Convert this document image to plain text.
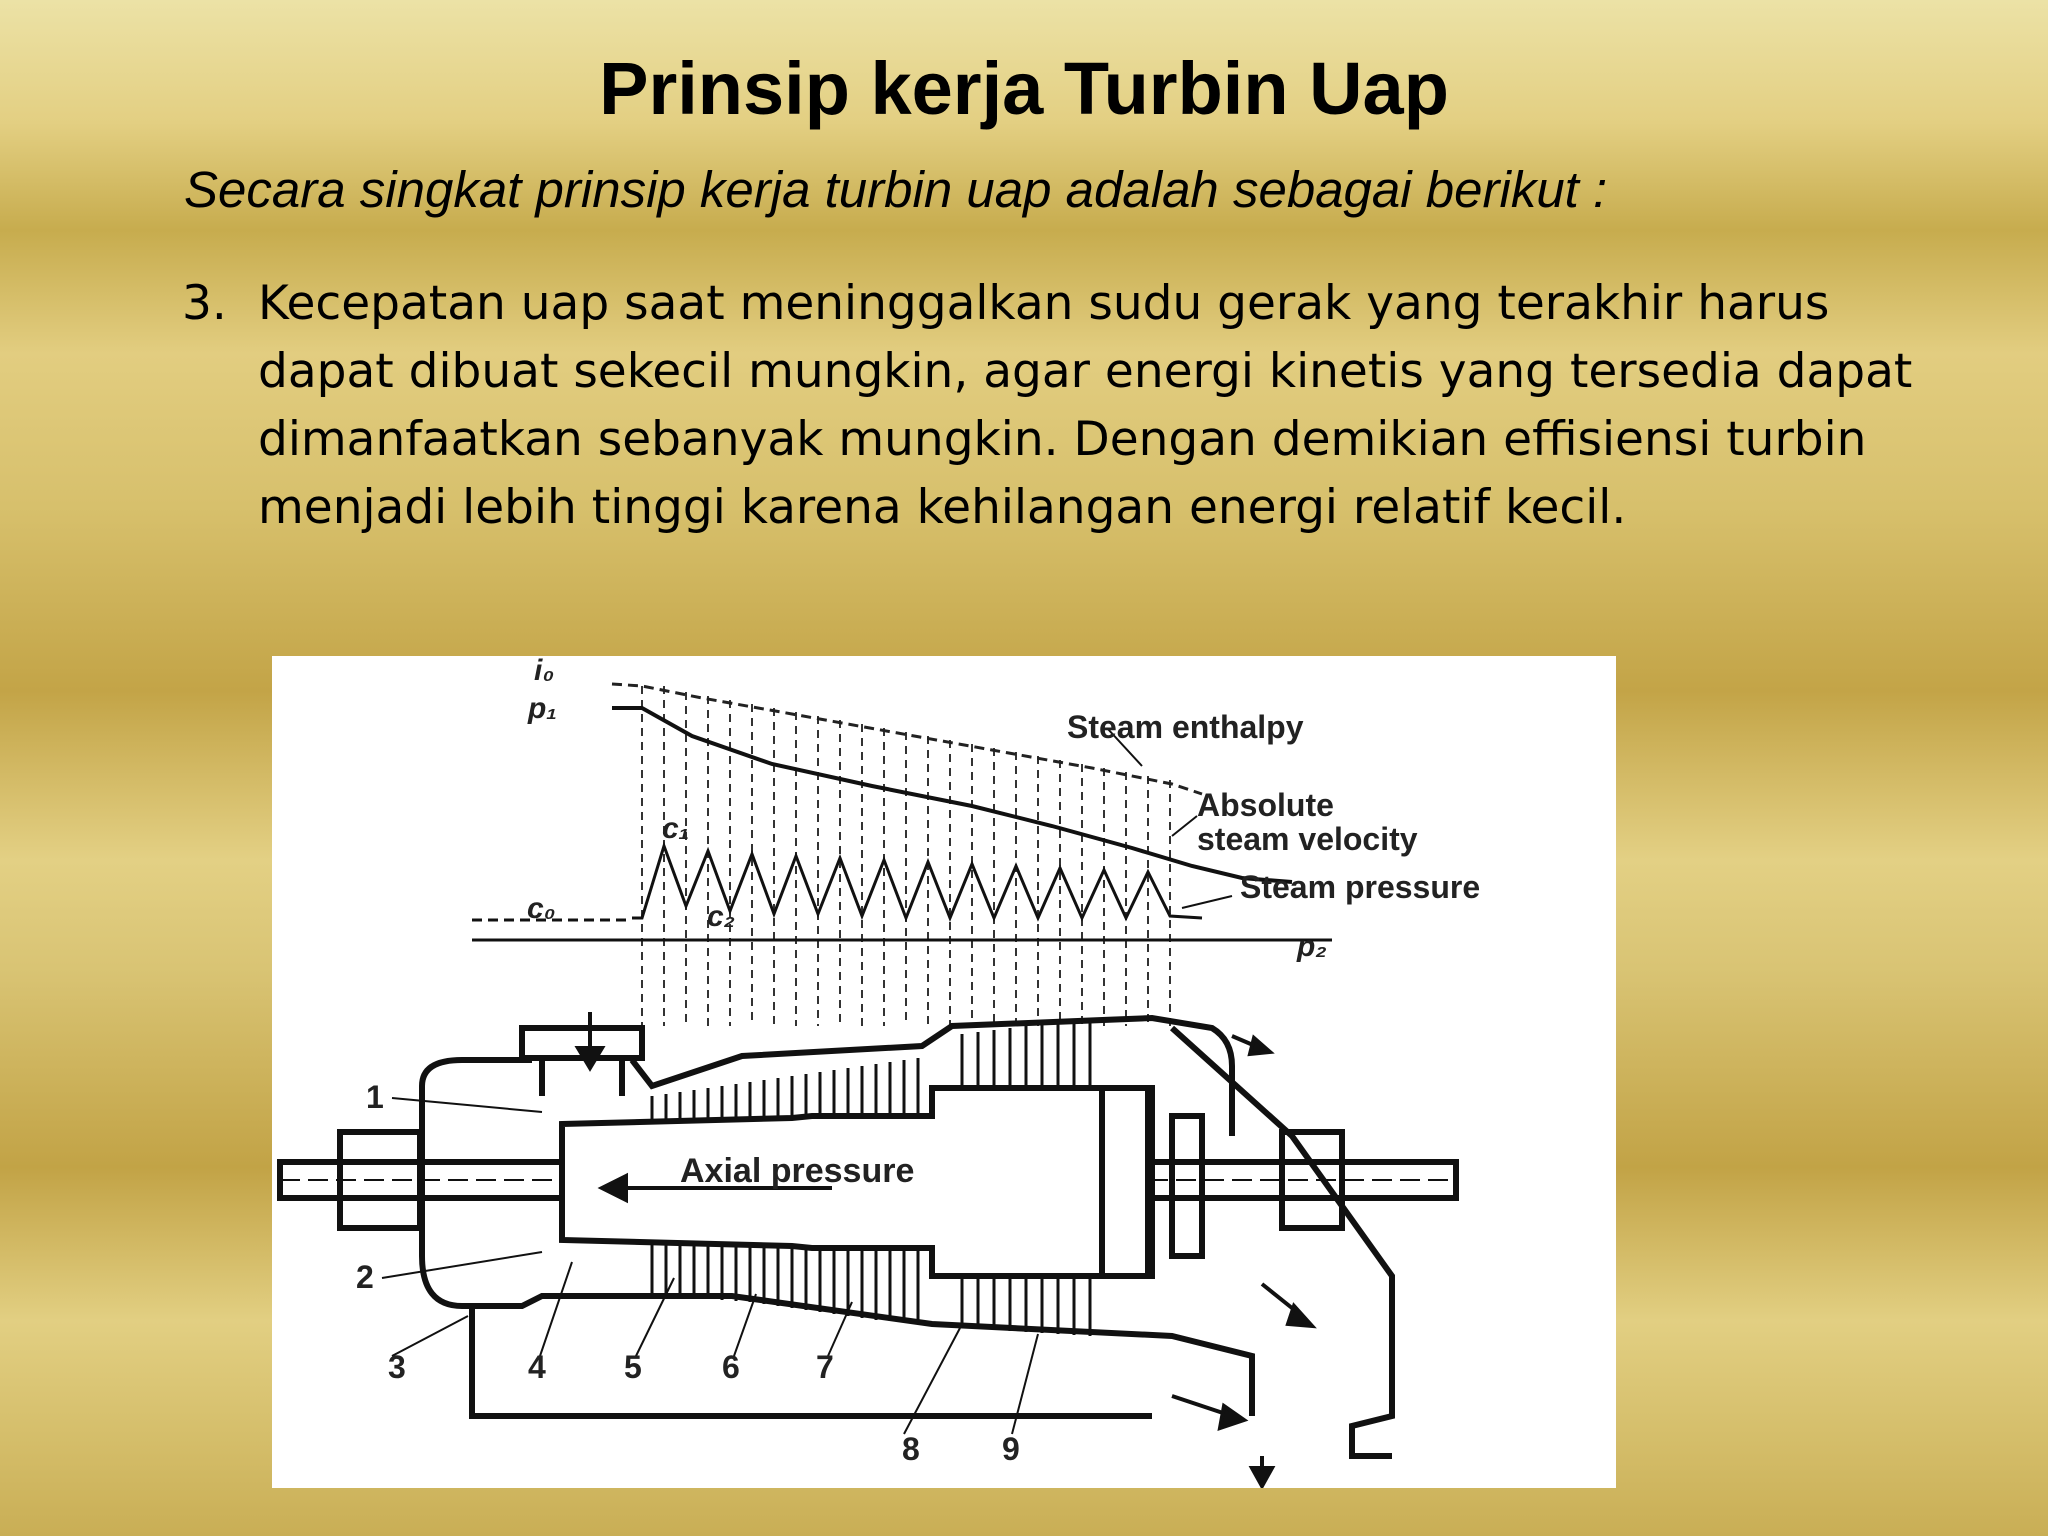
Prinsip kerja Turbin Uap
Secara singkat prinsip kerja turbin uap adalah sebagai berikut :
3. Kecepatan uap saat meninggalkan sudu gerak yang terakhir harus dapat dibuat sekecil mungkin, agar energi kinetis yang tersedia dapat dimanfaatkan sebanyak mungkin. Dengan demikian effisiensi turbin menjadi lebih tinggi karena kehilangan energi relatif kecil.
i₀
p₁
c₁
c₀	c₂
p₂
Steam enthalpy
Absolute
steam velocity
Steam pressure
Axial pressure
1
2
3	4 5	6 7
8	9
